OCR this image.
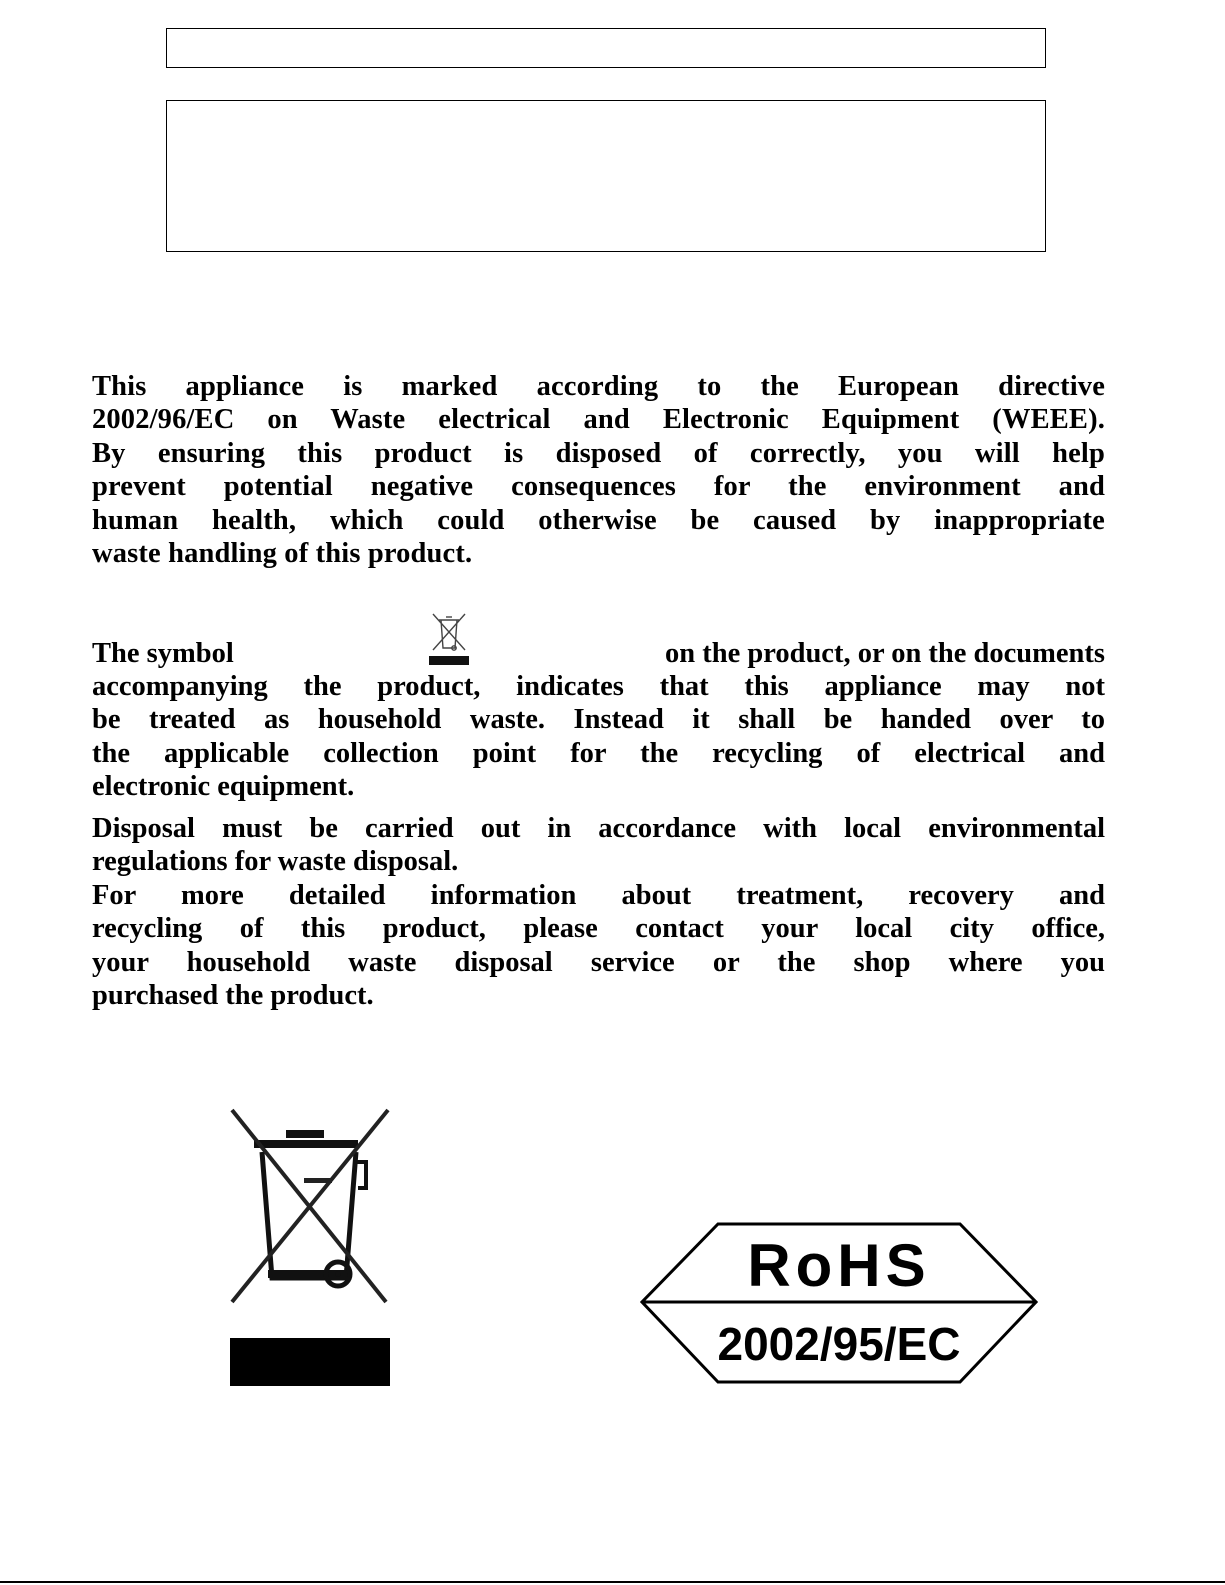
This appliance is marked according to the European directive
2002/96/EC on Waste electrical and Electronic Equipment (WEEE).
By ensuring this product is disposed of correctly, you will help
prevent potential negative consequences for the environment and
human health, which could otherwise be caused by inappropriate
waste handling of this product.
The symbol	on the product, or on the documents
accompanying the product, indicates that this appliance may not
be treated as household waste. Instead it shall be handed over to
the applicable collection point for the recycling of electrical and
electronic equipment.
Disposal must be carried out in accordance with local environmental
regulations for waste disposal.
For more detailed information about treatment, recovery and
recycling of this product, please contact your local city office,
your household waste disposal service or the shop where you
purchased the product.
RoHS
2002/95/EC
